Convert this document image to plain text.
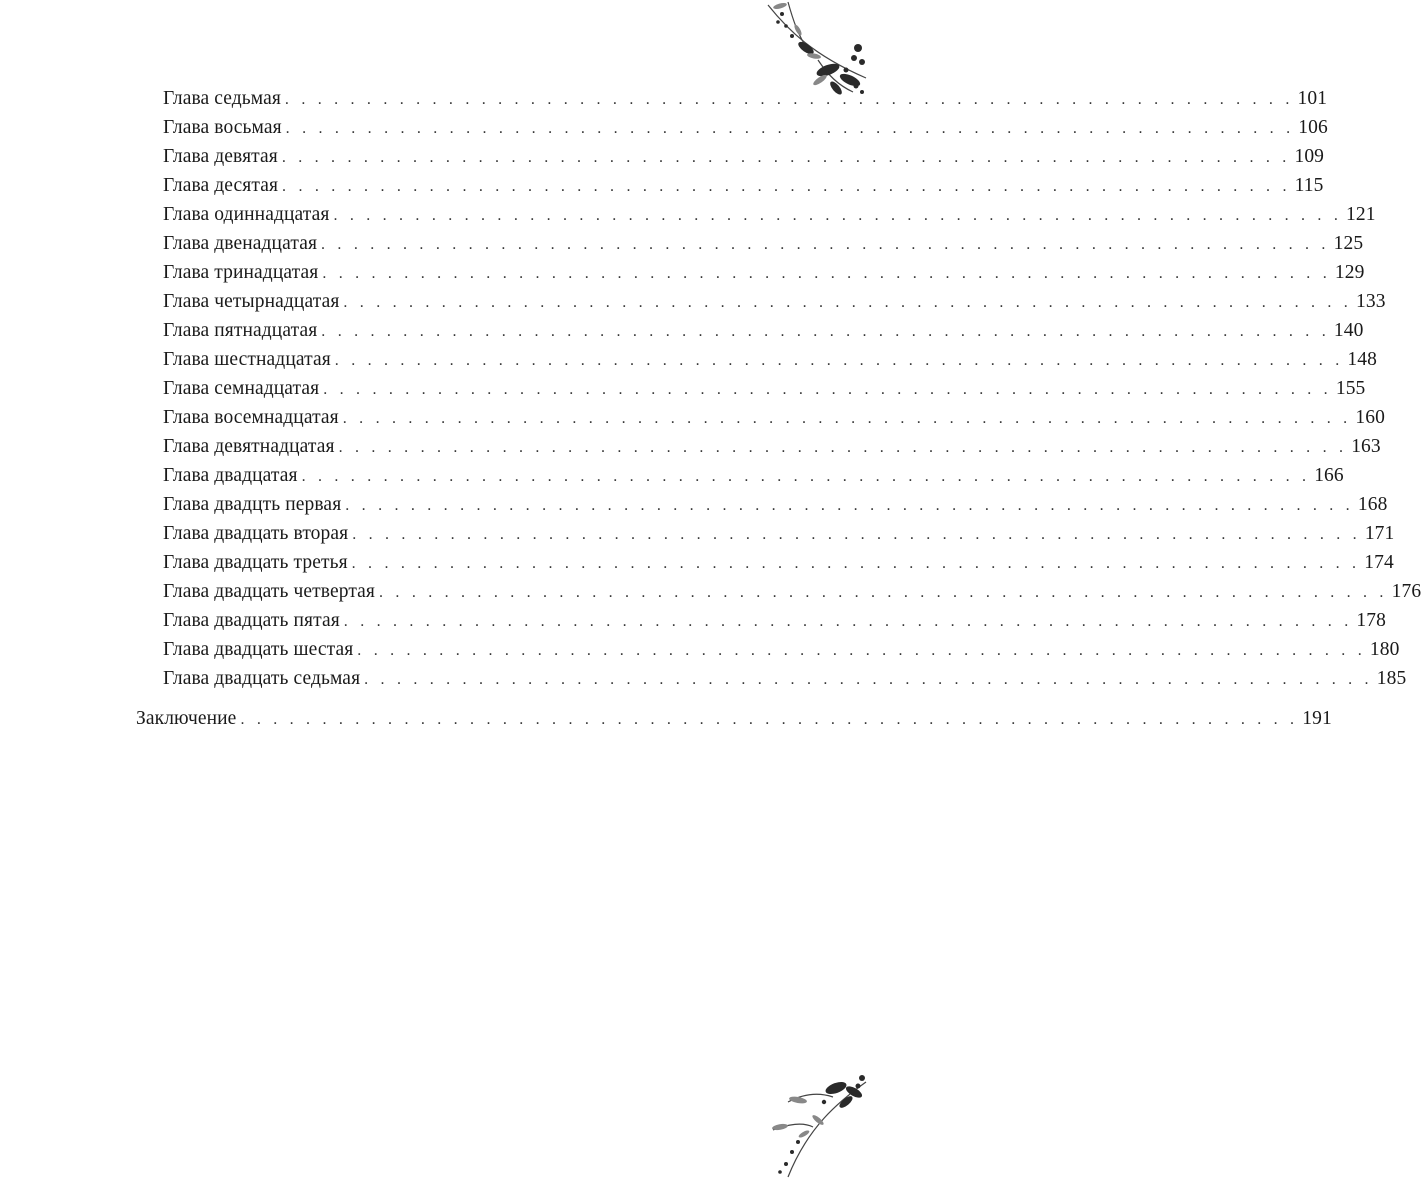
Глава седьмая . . . . . . . . . . . . . . . . . . . . . . . . . . . . . . . . . . . . . . . . . . . . . . . . . . . . . . . . . . . . . . 101
Глава восьмая . . . . . . . . . . . . . . . . . . . . . . . . . . . . . . . . . . . . . . . . . . . . . . . . . . . . . . . . . . . . . . 106
Глава девятая . . . . . . . . . . . . . . . . . . . . . . . . . . . . . . . . . . . . . . . . . . . . . . . . . . . . . . . . . . . . . . 109
Глава десятая . . . . . . . . . . . . . . . . . . . . . . . . . . . . . . . . . . . . . . . . . . . . . . . . . . . . . . . . . . . . . . 115
Глава одиннадцатая . . . . . . . . . . . . . . . . . . . . . . . . . . . . . . . . . . . . . . . . . . . . . . . . . . . . . . . . . . . . . . 121
Глава двенадцатая . . . . . . . . . . . . . . . . . . . . . . . . . . . . . . . . . . . . . . . . . . . . . . . . . . . . . . . . . . . . . . 125
Глава тринадцатая . . . . . . . . . . . . . . . . . . . . . . . . . . . . . . . . . . . . . . . . . . . . . . . . . . . . . . . . . . . . . . 129
Глава четырнадцатая . . . . . . . . . . . . . . . . . . . . . . . . . . . . . . . . . . . . . . . . . . . . . . . . . . . . . . . . . . . . . . 133
Глава пятнадцатая . . . . . . . . . . . . . . . . . . . . . . . . . . . . . . . . . . . . . . . . . . . . . . . . . . . . . . . . . . . . . . 140
Глава шестнадцатая . . . . . . . . . . . . . . . . . . . . . . . . . . . . . . . . . . . . . . . . . . . . . . . . . . . . . . . . . . . . . . 148
Глава семнадцатая . . . . . . . . . . . . . . . . . . . . . . . . . . . . . . . . . . . . . . . . . . . . . . . . . . . . . . . . . . . . . . 155
Глава восемнадцатая . . . . . . . . . . . . . . . . . . . . . . . . . . . . . . . . . . . . . . . . . . . . . . . . . . . . . . . . . . . . . . 160
Глава девятнадцатая . . . . . . . . . . . . . . . . . . . . . . . . . . . . . . . . . . . . . . . . . . . . . . . . . . . . . . . . . . . . . . 163
Глава двадцатая . . . . . . . . . . . . . . . . . . . . . . . . . . . . . . . . . . . . . . . . . . . . . . . . . . . . . . . . . . . . . . 166
Глава двадцть первая . . . . . . . . . . . . . . . . . . . . . . . . . . . . . . . . . . . . . . . . . . . . . . . . . . . . . . . . . . . . . . 168
Глава двадцать вторая . . . . . . . . . . . . . . . . . . . . . . . . . . . . . . . . . . . . . . . . . . . . . . . . . . . . . . . . . . . . . . 171
Глава двадцать третья . . . . . . . . . . . . . . . . . . . . . . . . . . . . . . . . . . . . . . . . . . . . . . . . . . . . . . . . . . . . . . 174
Глава двадцать четвертая . . . . . . . . . . . . . . . . . . . . . . . . . . . . . . . . . . . . . . . . . . . . . . . . . . . . . . . . . . . . . . 176
Глава двадцать пятая . . . . . . . . . . . . . . . . . . . . . . . . . . . . . . . . . . . . . . . . . . . . . . . . . . . . . . . . . . . . . . 178
Глава двадцать шестая . . . . . . . . . . . . . . . . . . . . . . . . . . . . . . . . . . . . . . . . . . . . . . . . . . . . . . . . . . . . . . 180
Глава двадцать седьмая . . . . . . . . . . . . . . . . . . . . . . . . . . . . . . . . . . . . . . . . . . . . . . . . . . . . . . . . . . . . . . 185
Заключение . . . . . . . . . . . . . . . . . . . . . . . . . . . . . . . . . . . . . . . . . . . . . . . . . . . . . . . . . . . . . . . . . 191
